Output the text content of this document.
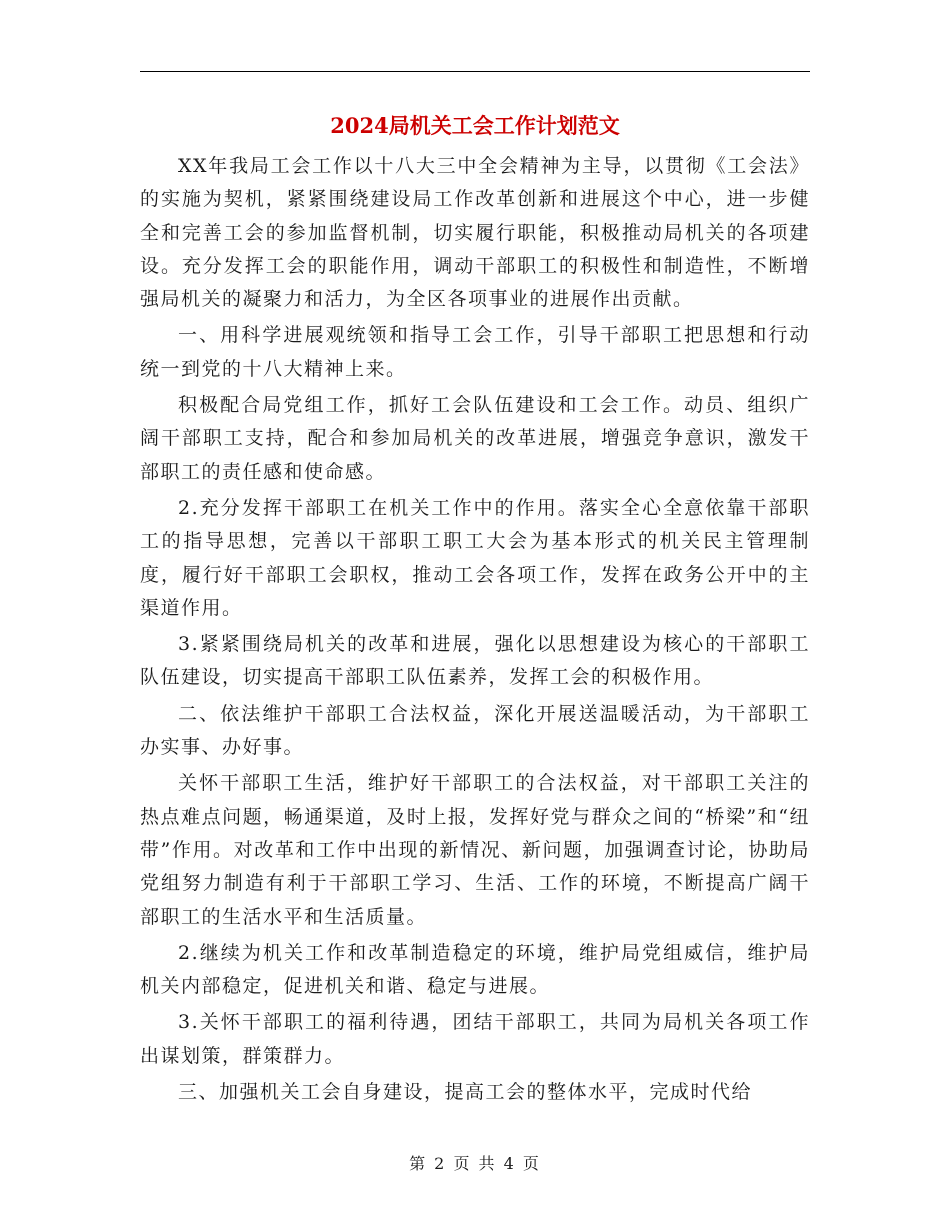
2024局机关工会工作计划范文

XX年我局工会工作以十八大三中全会精神为主导，以贯彻《工会法》的实施为契机，紧紧围绕建设局工作改革创新和进展这个中心，进一步健全和完善工会的参加监督机制，切实履行职能，积极推动局机关的各项建设。充分发挥工会的职能作用，调动干部职工的积极性和制造性，不断增强局机关的凝聚力和活力，为全区各项事业的进展作出贡献。

一、用科学进展观统领和指导工会工作，引导干部职工把思想和行动统一到党的十八大精神上来。

积极配合局党组工作，抓好工会队伍建设和工会工作。动员、组织广阔干部职工支持，配合和参加局机关的改革进展，增强竞争意识，激发干部职工的责任感和使命感。

2.充分发挥干部职工在机关工作中的作用。落实全心全意依靠干部职工的指导思想，完善以干部职工职工大会为基本形式的机关民主管理制度，履行好干部职工会职权，推动工会各项工作，发挥在政务公开中的主渠道作用。

3.紧紧围绕局机关的改革和进展，强化以思想建设为核心的干部职工队伍建设，切实提高干部职工队伍素养，发挥工会的积极作用。

二、依法维护干部职工合法权益，深化开展送温暖活动，为干部职工办实事、办好事。

关怀干部职工生活，维护好干部职工的合法权益，对干部职工关注的热点难点问题，畅通渠道，及时上报，发挥好党与群众之间的“桥梁”和“纽带”作用。对改革和工作中出现的新情况、新问题，加强调查讨论，协助局党组努力制造有利于干部职工学习、生活、工作的环境，不断提高广阔干部职工的生活水平和生活质量。

2.继续为机关工作和改革制造稳定的环境，维护局党组威信，维护局机关内部稳定，促进机关和谐、稳定与进展。

3.关怀干部职工的福利待遇，团结干部职工，共同为局机关各项工作出谋划策，群策群力。

三、加强机关工会自身建设，提高工会的整体水平，完成时代给

第 2 页 共 4 页
